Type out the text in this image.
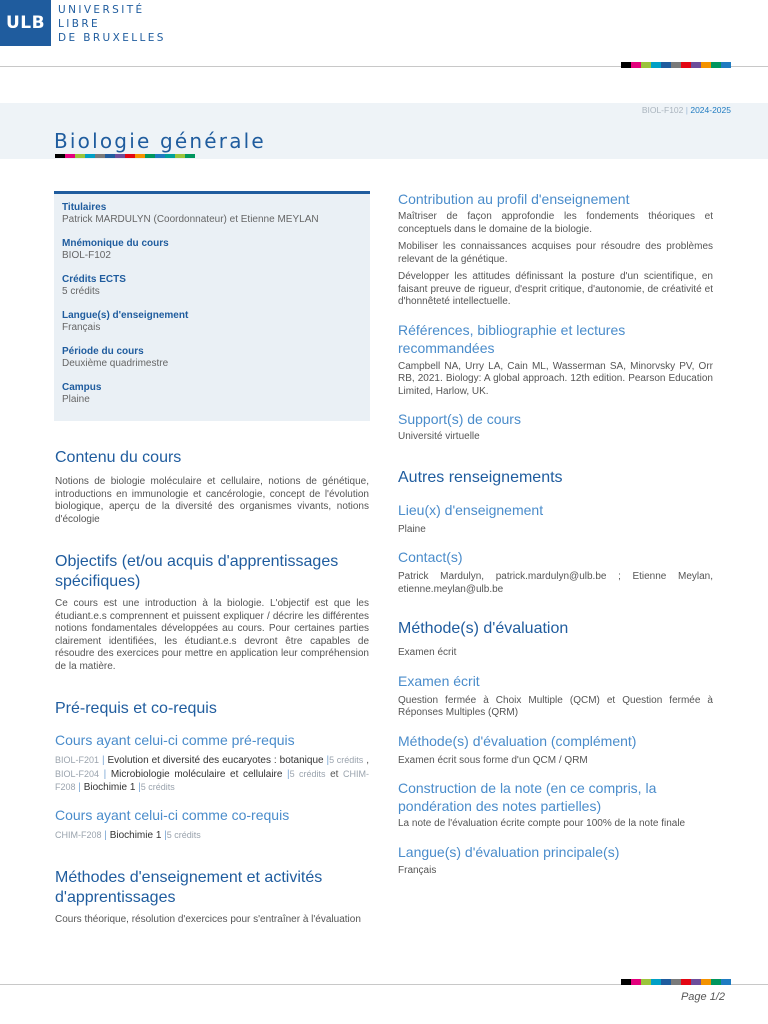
ULB
UNIVERSITÉ
LIBRE
DE BRUXELLES
BIOL-F102 | 2024-2025
Biologie générale
Titulaires
Patrick MARDULYN (Coordonnateur) et Etienne MEYLAN
Mnémonique du cours
BIOL-F102
Crédits ECTS
5 crédits
Langue(s) d'enseignement
Français
Période du cours
Deuxième quadrimestre
Campus
Plaine
Contenu du cours

Notions de biologie moléculaire et cellulaire, notions de génétique, introductions en immunologie et cancérologie, concept de l'évolution biologique, aperçu de la diversité des organismes vivants, notions d'écologie

Objectifs (et/ou acquis d'apprentissages spécifiques)

Ce cours est une introduction à la biologie. L'objectif est que les étudiant.e.s comprennent et puissent expliquer / décrire les différentes notions fondamentales développées au cours. Pour certaines parties clairement identifiées, les étudiant.e.s devront être capables de résoudre des exercices pour mettre en application leur compréhension de la matière.

Pré-requis et co-requis
Cours ayant celui-ci comme pré-requis

BIOL-F201 | Evolution et diversité des eucaryotes : botanique |5 crédits , BIOL-F204 | Microbiologie moléculaire et cellulaire |5 crédits et CHIM-F208 | Biochimie 1 |5 crédits

Cours ayant celui-ci comme co-requis

CHIM-F208 | Biochimie 1 |5 crédits

Méthodes d'enseignement et activités d'apprentissages

Cours théorique, résolution d'exercices pour s'entraîner à l'évaluation

Contribution au profil d'enseignement

Maîtriser de façon approfondie les fondements théoriques et conceptuels dans le domaine de la biologie.

Mobiliser les connaissances acquises pour résoudre des problèmes relevant de la génétique.

Développer les attitudes définissant la posture d'un scientifique, en faisant preuve de rigueur, d'esprit critique, d'autonomie, de créativité et d'honnêteté intellectuelle.

Références, bibliographie et lectures recommandées

Campbell NA, Urry LA, Cain ML, Wasserman SA, Minorvsky PV, Orr RB, 2021. Biology: A global approach. 12th edition. Pearson Education Limited, Harlow, UK.

Support(s) de cours

Université virtuelle

Autres renseignements
Lieu(x) d'enseignement

Plaine

Contact(s)

Patrick Mardulyn, patrick.mardulyn@ulb.be ; Etienne Meylan, etienne.meylan@ulb.be

Méthode(s) d'évaluation

Examen écrit

Examen écrit

Question fermée à Choix Multiple (QCM) et Question fermée à Réponses Multiples (QRM)

Méthode(s) d'évaluation (complément)

Examen écrit sous forme d'un QCM / QRM

Construction de la note (en ce compris, la pondération des notes partielles)

La note de l'évaluation écrite compte pour 100% de la note finale

Langue(s) d'évaluation principale(s)

Français

Page 1/2
